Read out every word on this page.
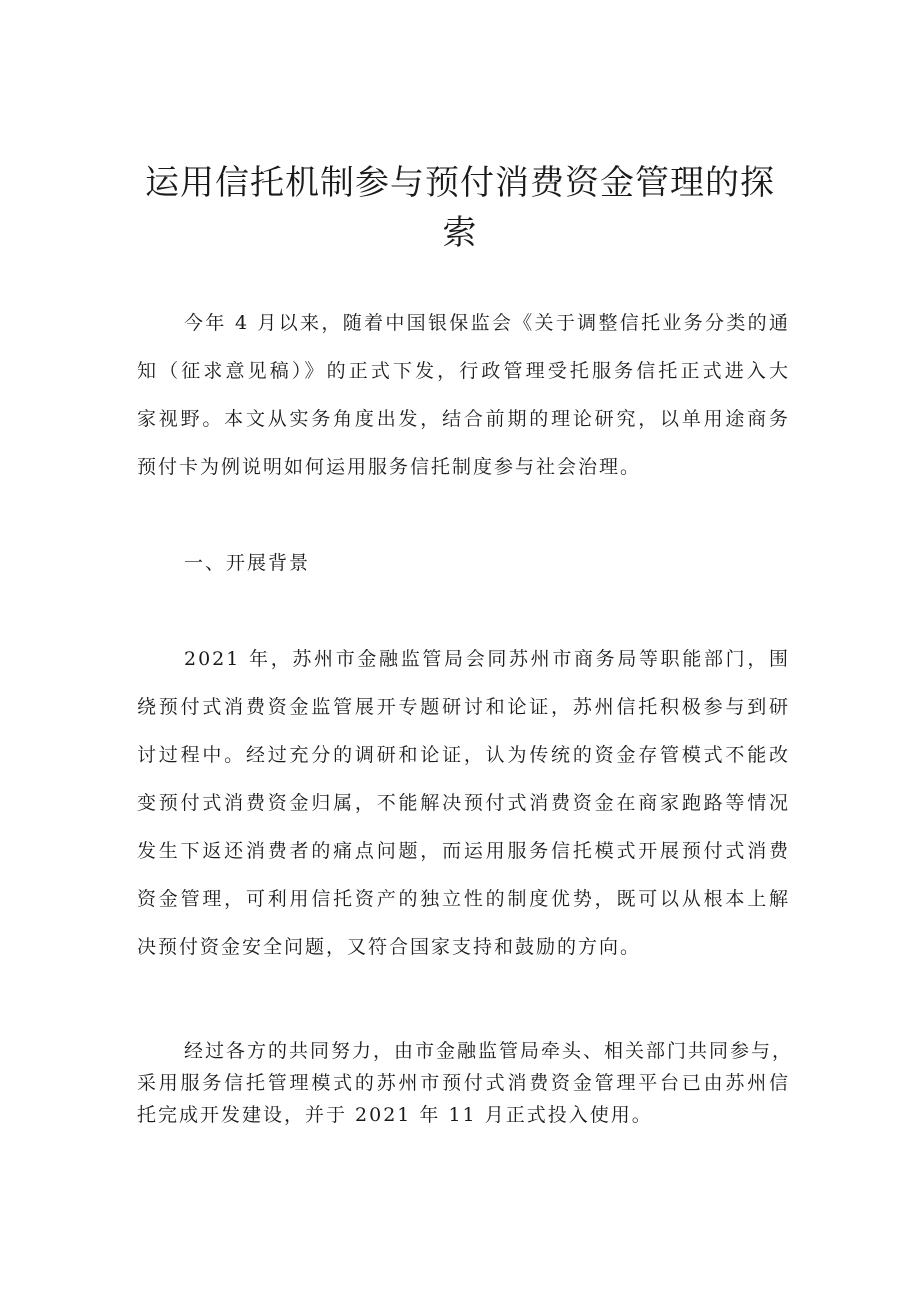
运用信托机制参与预付消费资金管理的探
索
今年 4 月以来，随着中国银保监会《关于调整信托业务分类的通
知（征求意见稿）》的正式下发，行政管理受托服务信托正式进入大
家视野。本文从实务角度出发，结合前期的理论研究，以单用途商务
预付卡为例说明如何运用服务信托制度参与社会治理。
一、开展背景
2021 年，苏州市金融监管局会同苏州市商务局等职能部门，围
绕预付式消费资金监管展开专题研讨和论证，苏州信托积极参与到研
讨过程中。经过充分的调研和论证，认为传统的资金存管模式不能改
变预付式消费资金归属，不能解决预付式消费资金在商家跑路等情况
发生下返还消费者的痛点问题，而运用服务信托模式开展预付式消费
资金管理，可利用信托资产的独立性的制度优势，既可以从根本上解
决预付资金安全问题，又符合国家支持和鼓励的方向。
经过各方的共同努力，由市金融监管局牵头、相关部门共同参与，
采用服务信托管理模式的苏州市预付式消费资金管理平台已由苏州信
托完成开发建设，并于 2021 年 11 月正式投入使用。
